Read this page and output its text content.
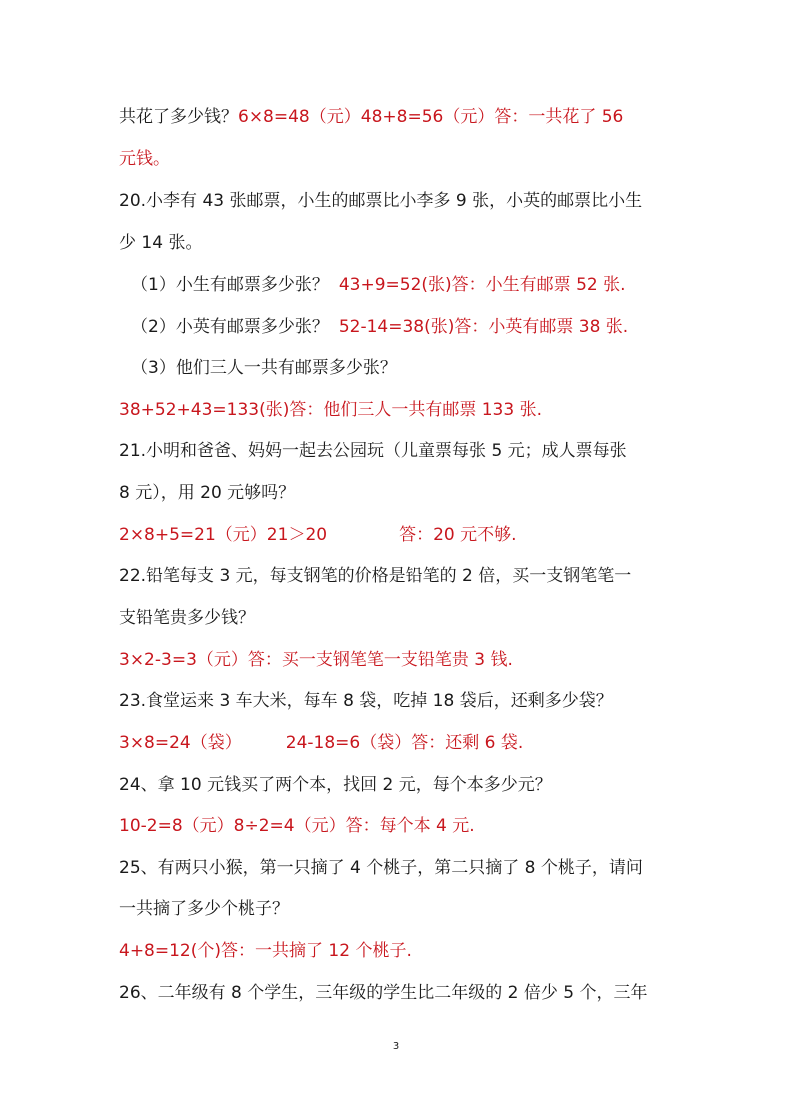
共花了多少钱？6×8=48（元）48+8=56（元）答：一共花了 56
元钱。
20.小李有 43 张邮票，小生的邮票比小李多 9 张，小英的邮票比小生
少 14 张。
（1）小生有邮票多少张？ 43+9=52(张)答：小生有邮票 52 张.
（2）小英有邮票多少张？ 52-14=38(张)答：小英有邮票 38 张.
（3）他们三人一共有邮票多少张？
38+52+43=133(张)答：他们三人一共有邮票 133 张.
21.小明和爸爸、妈妈一起去公园玩（儿童票每张 5 元；成人票每张
8 元），用 20 元够吗？
2×8+5=21（元）21＞20	答：20 元不够.
22.铅笔每支 3 元，每支钢笔的价格是铅笔的 2 倍，买一支钢笔笔一
支铅笔贵多少钱？
3×2-3=3（元）答：买一支钢笔笔一支铅笔贵 3 钱.
23.食堂运来 3 车大米，每车 8 袋，吃掉 18 袋后，还剩多少袋？
3×8=24（袋）	24-18=6（袋）答：还剩 6 袋.
24、拿 10 元钱买了两个本，找回 2 元，每个本多少元？
10-2=8（元）8÷2=4（元）答：每个本 4 元.
25、有两只小猴，第一只摘了 4 个桃子，第二只摘了 8 个桃子，请问
一共摘了多少个桃子？
4+8=12(个)答：一共摘了 12 个桃子.
26、二年级有 8 个学生，三年级的学生比二年级的 2 倍少 5 个，三年
3
